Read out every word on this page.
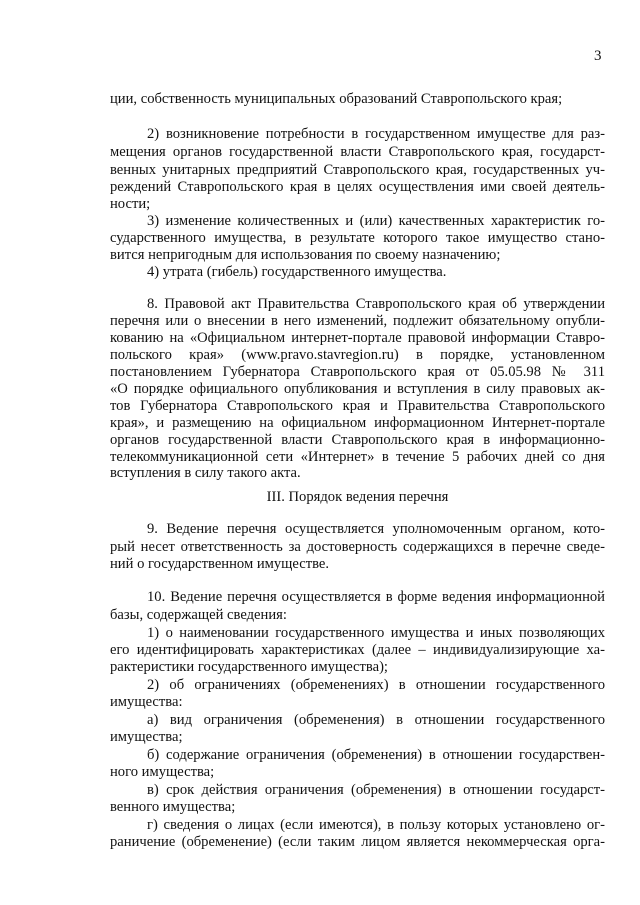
3
ции, собственность муниципальных образований Ставропольского края;
2) возникновение потребности в государственном имуществе для раз-
мещения органов государственной власти Ставропольского края, государст-
венных унитарных предприятий Ставропольского края, государственных уч-
реждений Ставропольского края в целях осуществления ими своей деятель-
ности;
3) изменение количественных и (или) качественных характеристик го-
сударственного имущества, в результате которого такое имущество стано-
вится непригодным для использования по своему назначению;
4) утрата (гибель) государственного имущества.
8. Правовой акт Правительства Ставропольского края об утверждении
перечня или о внесении в него изменений, подлежит обязательному опубли-
кованию на «Официальном интернет-портале правовой информации Ставро-
польского края» (www.pravo.stavregion.ru) в порядке, установленном
постановлением Губернатора Ставропольского края от 05.05.98 № 311
«О порядке официального опубликования и вступления в силу правовых ак-
тов Губернатора Ставропольского края и Правительства Ставропольского
края», и размещению на официальном информационном Интернет-портале
органов государственной власти Ставропольского края в информационно-
телекоммуникационной сети «Интернет» в течение 5 рабочих дней со дня
вступления в силу такого акта.
III. Порядок ведения перечня
9. Ведение перечня осуществляется уполномоченным органом, кото-
рый несет ответственность за достоверность содержащихся в перечне сведе-
ний о государственном имуществе.
10. Ведение перечня осуществляется в форме ведения информационной
базы, содержащей сведения:
1) о наименовании государственного имущества и иных позволяющих
его идентифицировать характеристиках (далее – индивидуализирующие ха-
рактеристики государственного имущества);
2) об ограничениях (обременениях) в отношении государственного
имущества:
а) вид ограничения (обременения) в отношении государственного
имущества;
б) содержание ограничения (обременения) в отношении государствен-
ного имущества;
в) срок действия ограничения (обременения) в отношении государст-
венного имущества;
г) сведения о лицах (если имеются), в пользу которых установлено ог-
раничение (обременение) (если таким лицом является некоммерческая орга-
